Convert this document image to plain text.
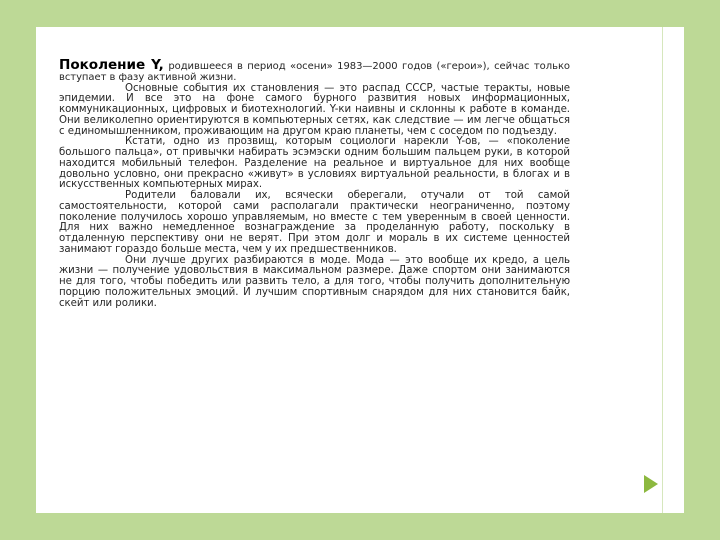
Поколение Y, родившееся в период «осени» 1983—2000 годов («герои»), сейчас только вступает в фазу активной жизни.

Основные события их становления — это распад СССР, частые теракты, новые эпидемии. И все это на фоне самого бурного развития новых информационных, коммуникационных, цифровых и биотехнологий. Y-ки наивны и склонны к работе в команде. Они великолепно ориентируются в компьютерных сетях, как следствие — им легче общаться с единомышленником, проживающим на другом краю планеты, чем с соседом по подъезду.

Кстати, одно из прозвищ, которым социологи нарекли Y-ов, — «поколение большого пальца», от привычки набирать эсэмэски одним большим пальцем руки, в которой находится мобильный телефон. Разделение на реальное и виртуальное для них вообще довольно условно, они прекрасно «живут» в условиях виртуальной реальности, в блогах и в искусственных компьютерных мирах.

Родители баловали их, всячески оберегали, отучали от той самой самостоятельности, которой сами располагали практически неограниченно, поэтому поколение получилось хорошо управляемым, но вместе с тем уверенным в своей ценности. Для них важно немедленное вознаграждение за проделанную работу, поскольку в отдаленную перспективу они не верят. При этом долг и мораль в их системе ценностей занимают гораздо больше места, чем у их предшественников.

Они лучше других разбираются в моде. Мода — это вообще их кредо, а цель жизни — получение удовольствия в максимальном размере. Даже спортом они занимаются не для того, чтобы победить или развить тело, а для того, чтобы получить дополнительную порцию положительных эмоций. И лучшим спортивным снарядом для них становится байк, скейт или ролики.
